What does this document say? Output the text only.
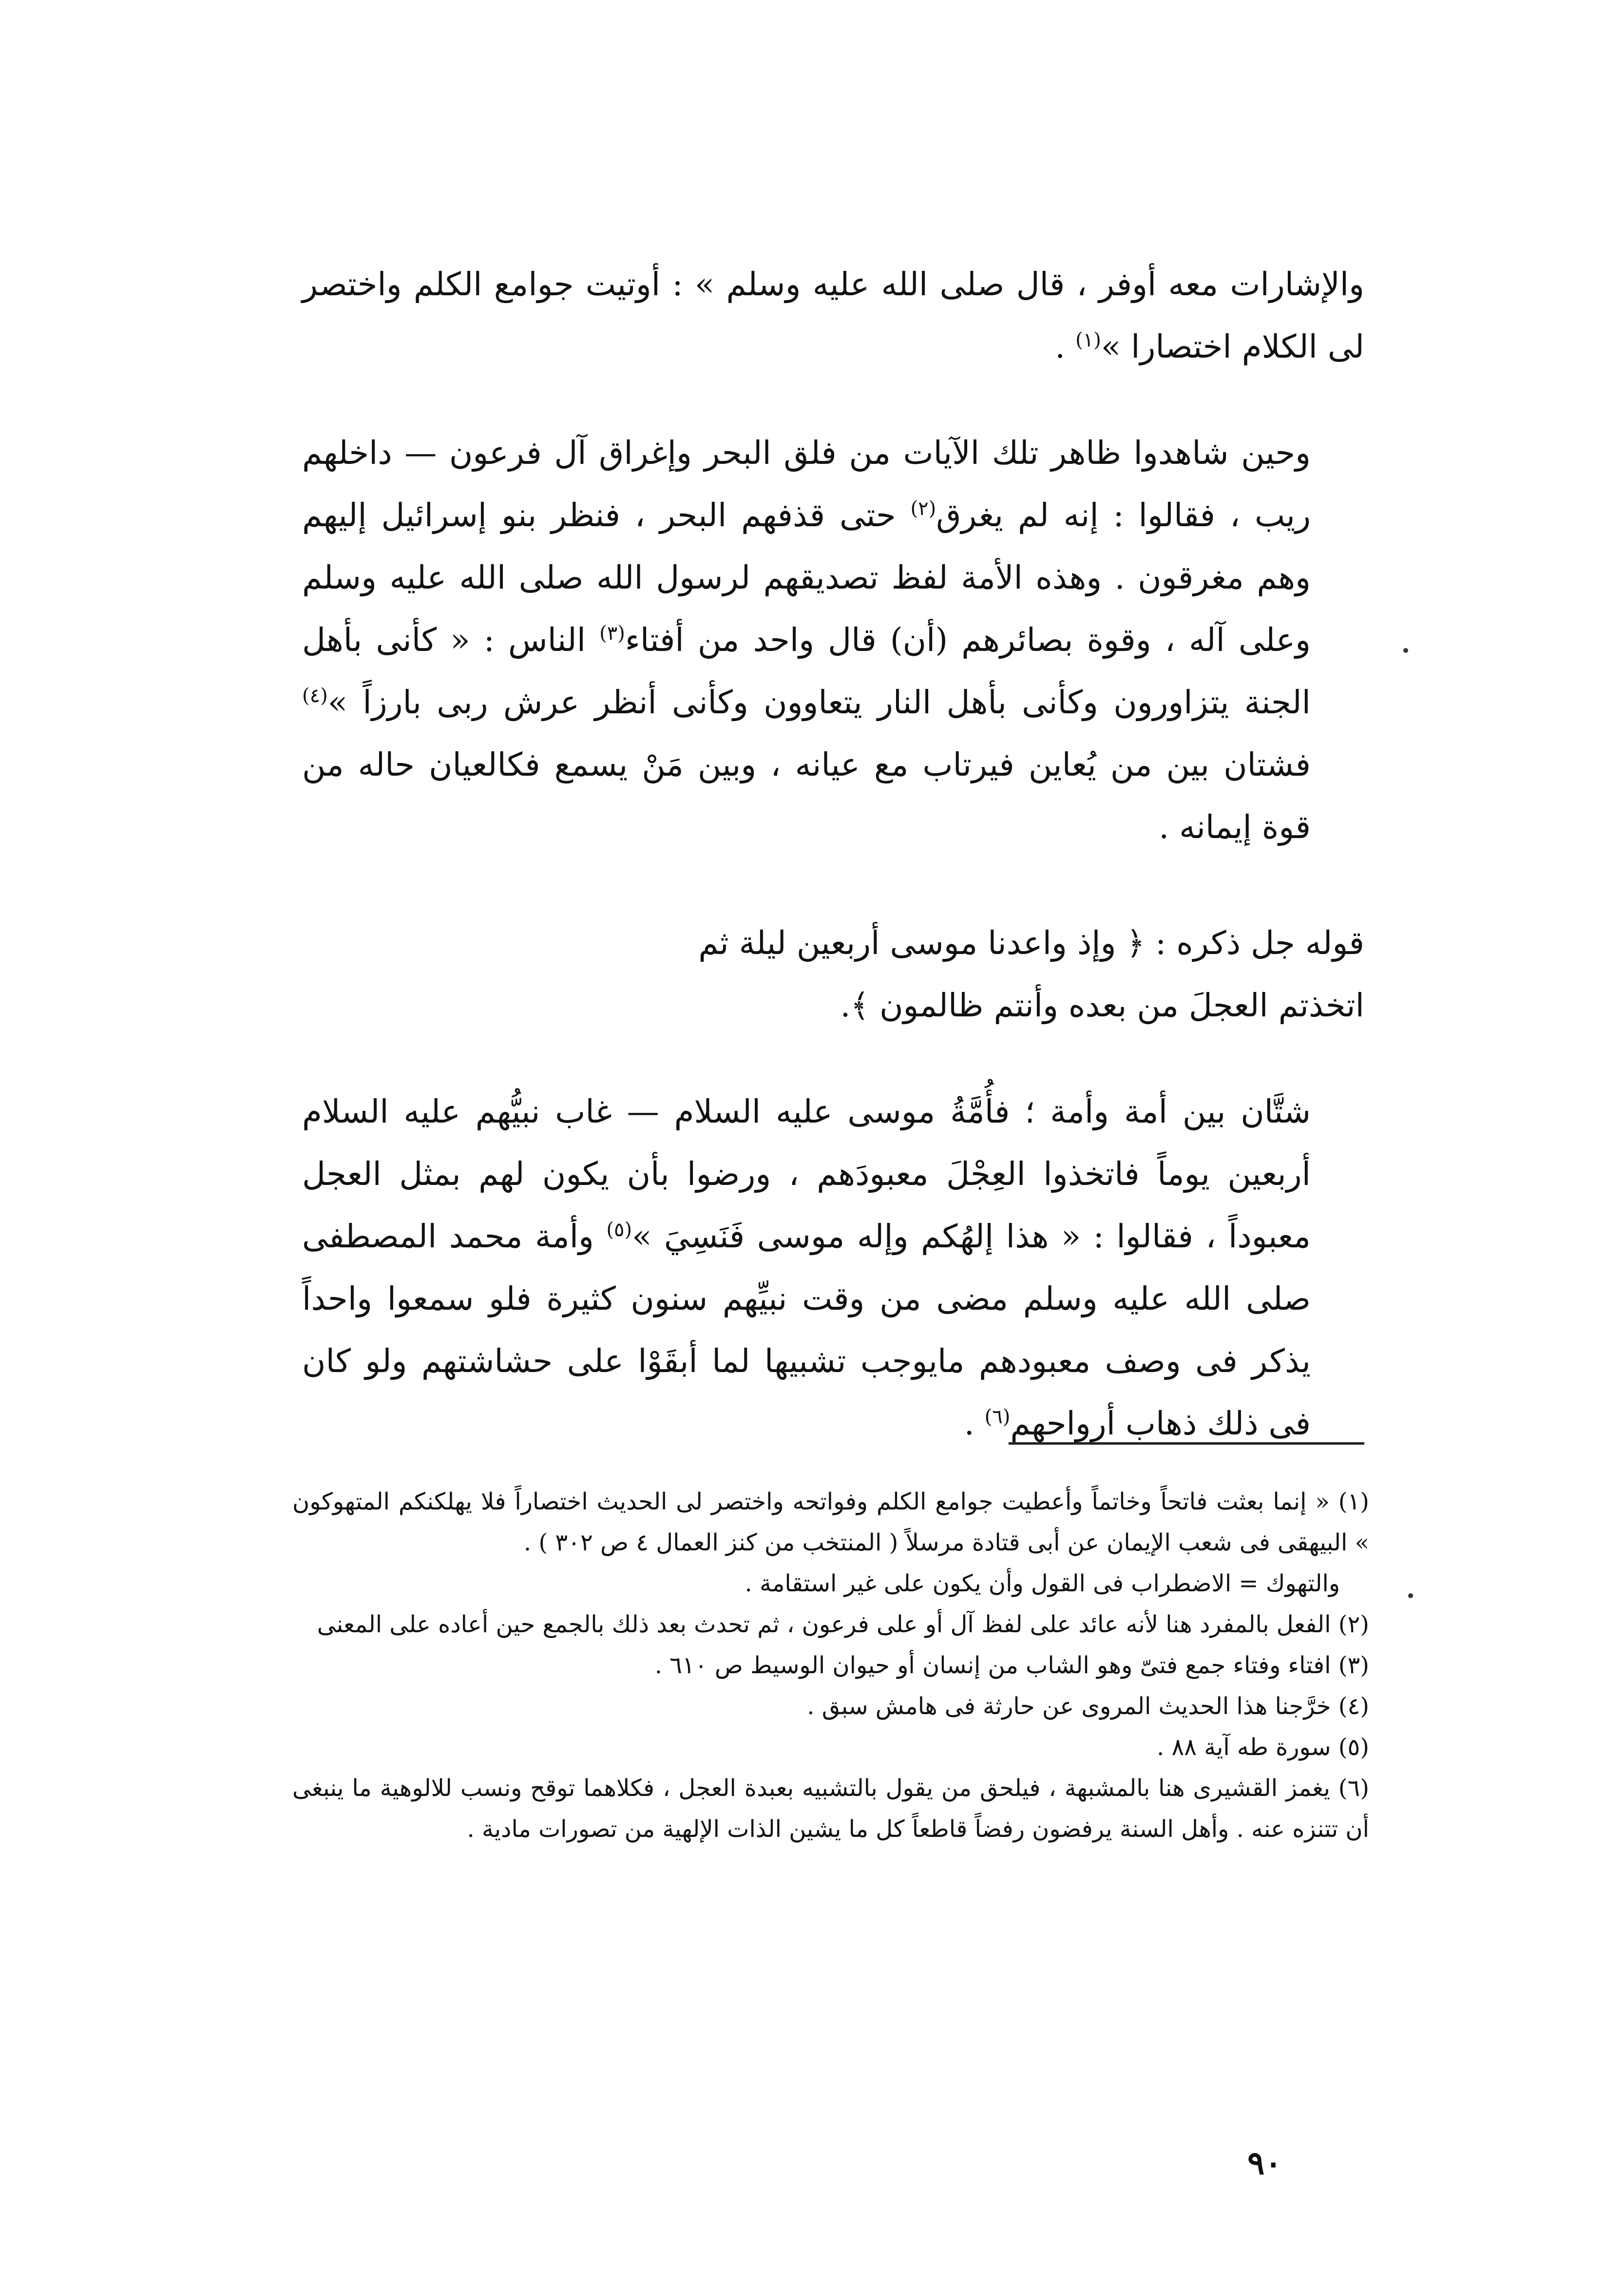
والإشارات معه أوفر ، قال صلى الله عليه وسلم » : أوتيت جوامع الكلم واختصر لى الكلام اختصارا »$^{(١)}$ .

وحين شاهدوا ظاهر تلك الآيات من فلق البحر وإغراق آل فرعون — داخلهم ريب ، فقالوا : إنه لم يغرق$^{(٢)}$ حتى قذفهم البحر ، فنظر بنو إسرائيل إليهم وهم مغرقون . وهذه الأمة لفظ تصديقهم لرسول الله صلى الله عليه وسلم وعلى آله ، وقوة بصائرهم (أن) قال واحد من أفتاء$^{(٣)}$ الناس : « كأنى بأهل الجنة يتزاورون وكأنى بأهل النار يتعاوون وكأنى أنظر عرش ربى بارزاً »$^{(٤)}$ فشتان بين من يُعاين فيرتاب مع عيانه ، وبين مَنْ يسمع فكالعيان حاله من قوة إيمانه .

قوله جل ذكره : ﴿ وإذ واعدنا موسى أربعين ليلة ثم
اتخذتم العجلَ من بعده وأنتم ظالمون ﴾.

شتَّان بين أمة وأمة ؛ فأُمَّةُ موسى عليه السلام — غاب نبيُّهم عليه السلام أربعين يوماً فاتخذوا العِجْلَ معبودَهم ، ورضوا بأن يكون لهم بمثل العجل معبوداً ، فقالوا : « هذا إلهُكم وإله موسى فَنَسِيَ »$^{(٥)}$ وأمة محمد المصطفى صلى الله عليه وسلم مضى من وقت نبيِّهم سنون كثيرة فلو سمعوا واحداً يذكر فى وصف معبودهم مايوجب تشبيها لما أبقَوْا على حشاشتهم ولو كان فى ذلك ذهاب أرواحهم$^{(٦)}$ .

(١) « إنما بعثت فاتحاً وخاتماً وأعطيت جوامع الكلم وفواتحه واختصر لى الحديث اختصاراً فلا يهلكنكم المتهوكون » البيهقى فى شعب الإيمان عن أبى قتادة مرسلاً ( المنتخب من كنز العمال ٤ ص ٣٠٢ ) .

والتهوك = الاضطراب فى القول وأن يكون على غير استقامة .

(٢) الفعل بالمفرد هنا لأنه عائد على لفظ آل أو على فرعون ، ثم تحدث بعد ذلك بالجمع حين أعاده على المعنى

(٣) افتاء وفتاء جمع فتىّ وهو الشاب من إنسان أو حيوان الوسيط ص ٦١٠ .

(٤) خرَّجنا هذا الحديث المروى عن حارثة فى هامش سبق .

(٥) سورة طه آية ٨٨ .

(٦) يغمز القشيرى هنا بالمشبهة ، فيلحق من يقول بالتشبيه بعبدة العجل ، فكلاهما توقح ونسب للالوهية ما ينبغى أن تتنزه عنه . وأهل السنة يرفضون رفضاً قاطعاً كل ما يشين الذات الإلهية من تصورات مادية .

٩٠
